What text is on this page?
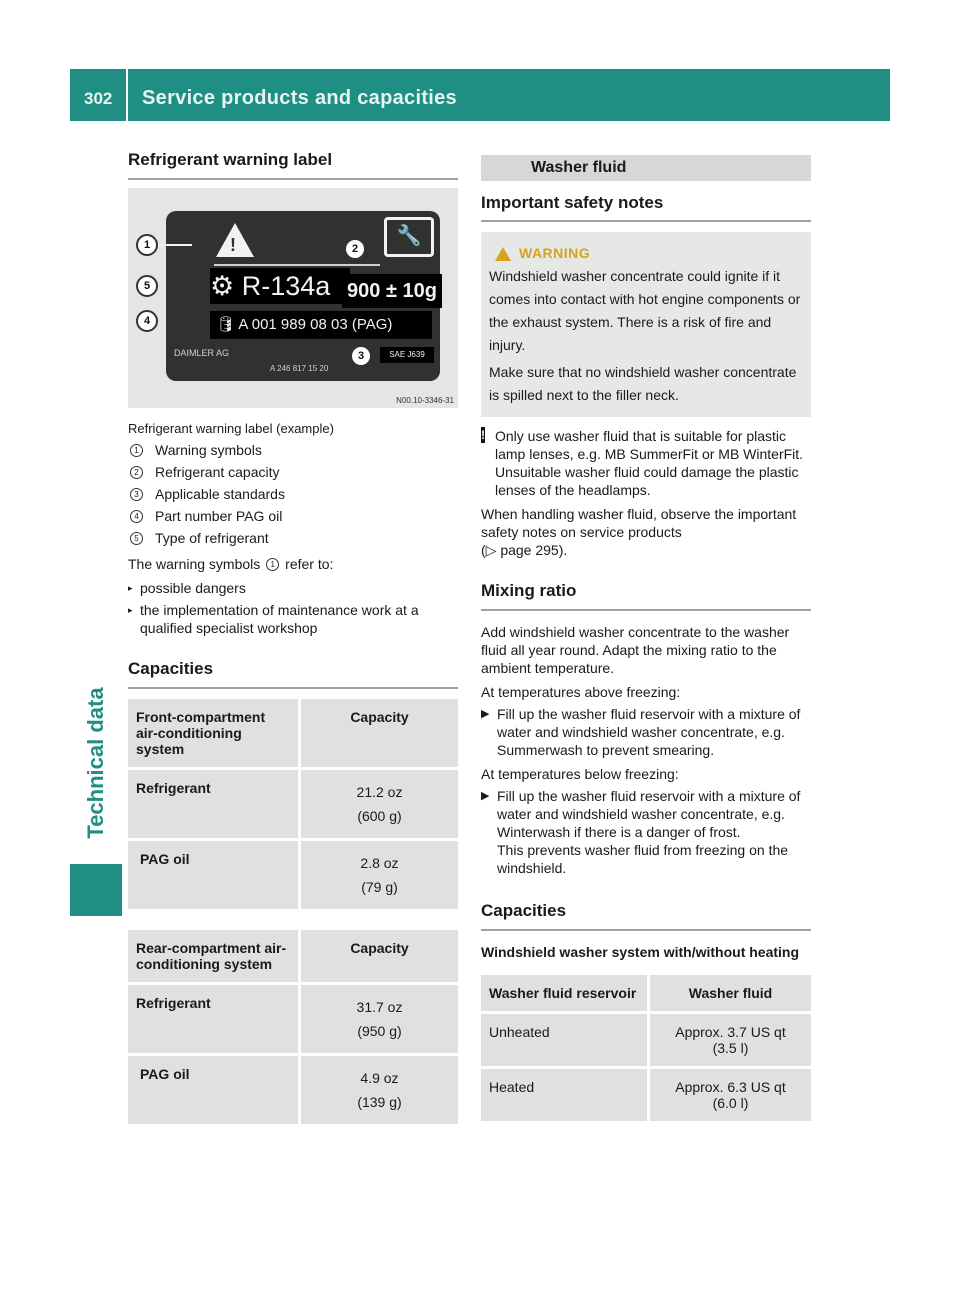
302 Service products and capacities
Technical data
Refrigerant warning label
!	🔧
⚙ R-134a 900 ± 10g
🛢 A 001 989 08 03 (PAG)
DAIMLER AG	SAE J639
A 246 817 15 20
1	2
3
4
5
N00.10-3346-31
Refrigerant warning label (example)
1	Warning symbols
2	Refrigerant capacity
3	Applicable standards
4	Part number PAG oil
5	Type of refrigerant
The warning symbols
	1 refer to:
▸ possible dangers
▸ the implementation of maintenance work at a qualified specialist workshop
Capacities
Front-compartment air-conditioning system	Capacity
Refrigerant	21.2 oz
(600 g)

PAG oil	2.8 oz
(79 g)
Rear-compartment air-conditioning system	Capacity
Refrigerant	31.7 oz
(950 g)

PAG oil	4.9 oz
(139 g)
Washer fluid
Important safety notes
WARNING

Windshield washer concentrate could ignite if it comes into contact with hot engine components or the exhaust system. There is a risk of fire and injury.

Make sure that no windshield washer concentrate is spilled next to the filler neck.

! Only use washer fluid that is suitable for plastic lamp lenses, e.g. MB SummerFit or MB WinterFit. Unsuitable washer fluid could damage the plastic lenses of the headlamps.

When handling washer fluid, observe the important safety notes on service products
(▷ page 295).

Mixing ratio

Add windshield washer concentrate to the washer fluid all year round. Adapt the mixing ratio to the ambient temperature.

At temperatures above freezing:

▶ Fill up the washer fluid reservoir with a mixture of water and windshield washer concentrate, e.g. Summerwash to prevent smearing.

At temperatures below freezing:

▶ Fill up the washer fluid reservoir with a mixture of water and windshield washer concentrate, e.g. Winterwash if there is a danger of frost.
This prevents washer fluid from freezing on the windshield.
Capacities

Windshield washer system with/without heating

Washer fluid reservoir	Washer fluid
Unheated	Approx. 3.7 US qt
(3.5 l)

Heated	Approx. 6.3 US qt
(6.0 l)
